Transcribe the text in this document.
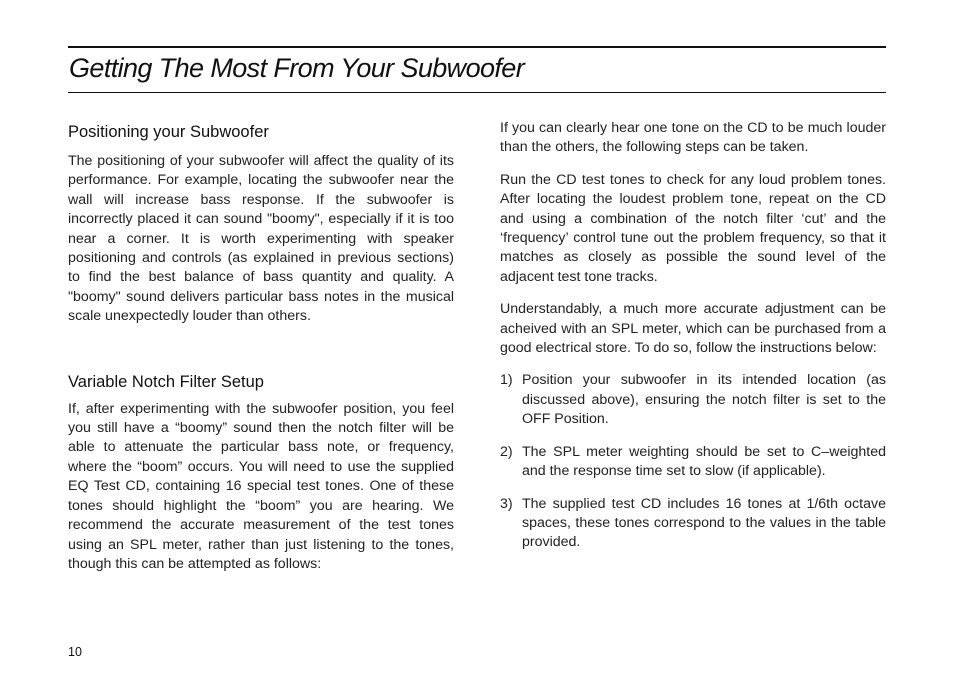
Getting The Most From Your Subwoofer
Positioning your Subwoofer

The positioning of your subwoofer will affect the quality of its performance. For example, locating the subwoofer near the wall will increase bass response. If the subwoofer is incorrectly placed it can sound "boomy", especially if it is too near a corner. It is worth experimenting with speaker positioning and controls (as explained in previous sections) to find the best balance of bass quantity and quality. A "boomy" sound delivers particular bass notes in the musical scale unexpectedly louder than others.

Variable Notch Filter Setup

If, after experimenting with the subwoofer position, you feel you still have a “boomy” sound then the notch filter will be able to attenuate the particular bass note, or frequency, where the “boom” occurs. You will need to use the supplied EQ Test CD, containing 16 special test tones. One of these tones should highlight the “boom” you are hearing. We recommend the accurate measurement of the test tones using an SPL meter, rather than just listening to the tones, though this can be attempted as follows:

If you can clearly hear one tone on the CD to be much louder than the others, the following steps can be taken.

Run the CD test tones to check for any loud problem tones. After locating the loudest problem tone, repeat on the CD and using a combination of the notch filter ‘cut’ and the ‘frequency’ control tune out the problem frequency, so that it matches as closely as possible the sound level of the adjacent test tone tracks.

Understandably, a much more accurate adjustment can be acheived with an SPL meter, which can be purchased from a good electrical store. To do so, follow the instructions below:

1) Position your subwoofer in its intended location (as discussed above), ensuring the notch filter is set to the OFF Position.
2) The SPL meter weighting should be set to C–weighted and the response time set to slow (if applicable).
3) The supplied test CD includes 16 tones at 1/6th octave spaces, these tones correspond to the values in the table provided.
10
